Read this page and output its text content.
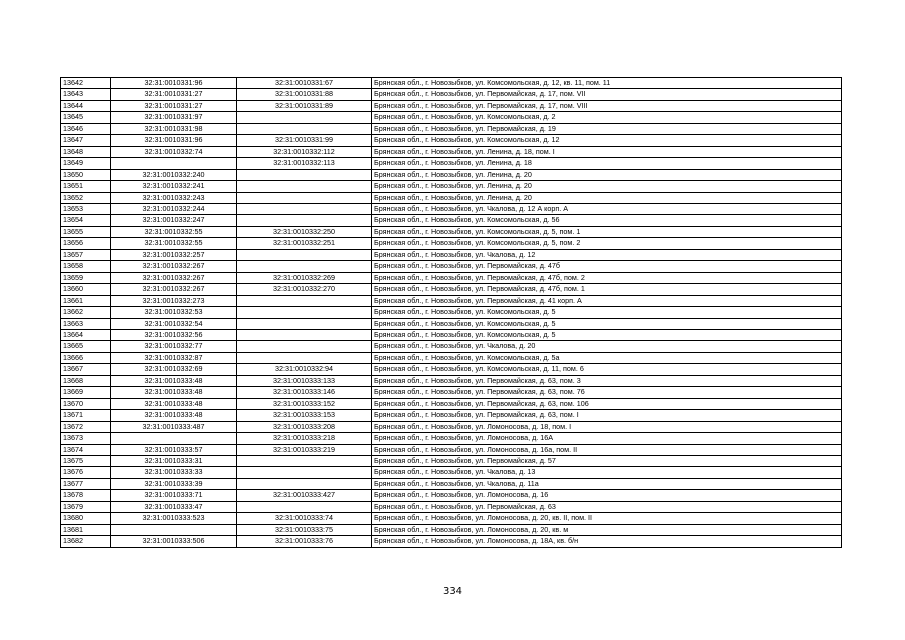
13642	32:31:0010331:96	32:31:0010331:67	Брянская обл., г. Новозыбков, ул. Комсомольская, д. 12, кв. 11, пом. 11
13643	32:31:0010331:27	32:31:0010331:88	Брянская обл., г. Новозыбков, ул. Первомайская, д. 17, пом. VII
13644	32:31:0010331:27	32:31:0010331:89	Брянская обл., г. Новозыбков, ул. Первомайская, д. 17, пом. VIII
13645	32:31:0010331:97		Брянская обл., г. Новозыбков, ул. Комсомольская, д. 2
13646	32:31:0010331:98		Брянская обл., г. Новозыбков, ул. Первомайская, д. 19
13647	32:31:0010331:96	32:31:0010331:99	Брянская обл., г. Новозыбков, ул. Комсомольская, д. 12
13648	32:31:0010332:74	32:31:0010332:112	Брянская обл., г. Новозыбков, ул. Ленина, д. 18, пом. I
13649		32:31:0010332:113	Брянская обл., г. Новозыбков, ул. Ленина, д. 18
13650	32:31:0010332:240		Брянская обл., г. Новозыбков, ул. Ленина, д. 20
13651	32:31:0010332:241		Брянская обл., г. Новозыбков, ул. Ленина, д. 20
13652	32:31:0010332:243		Брянская обл., г. Новозыбков, ул. Ленина, д. 20
13653	32:31:0010332:244		Брянская обл., г. Новозыбков, ул. Чкалова, д. 12 А корп. А
13654	32:31:0010332:247		Брянская обл., г. Новозыбков, ул. Комсомольская, д. 56
13655	32:31:0010332:55	32:31:0010332:250	Брянская обл., г. Новозыбков, ул. Комсомольская, д. 5, пом. 1
13656	32:31:0010332:55	32:31:0010332:251	Брянская обл., г. Новозыбков, ул. Комсомольская, д. 5, пом. 2
13657	32:31:0010332:257		Брянская обл., г. Новозыбков, ул. Чкалова, д. 12
13658	32:31:0010332:267		Брянская обл., г. Новозыбков, ул. Первомайская, д. 47б
13659	32:31:0010332:267	32:31:0010332:269	Брянская обл., г. Новозыбков, ул. Первомайская, д. 47б, пом. 2
13660	32:31:0010332:267	32:31:0010332:270	Брянская обл., г. Новозыбков, ул. Первомайская, д. 47б, пом. 1
13661	32:31:0010332:273		Брянская обл., г. Новозыбков, ул. Первомайская, д. 41 корп. А
13662	32:31:0010332:53		Брянская обл., г. Новозыбков, ул. Комсомольская, д. 5
13663	32:31:0010332:54		Брянская обл., г. Новозыбков, ул. Комсомольская, д. 5
13664	32:31:0010332:56		Брянская обл., г. Новозыбков, ул. Комсомольская, д. 5
13665	32:31:0010332:77		Брянская обл., г. Новозыбков, ул. Чкалова, д. 20
13666	32:31:0010332:87		Брянская обл., г. Новозыбков, ул. Комсомольская, д. 5а
13667	32:31:0010332:69	32:31:0010332:94	Брянская обл., г. Новозыбков, ул. Комсомольская, д. 11, пом. 6
13668	32:31:0010333:48	32:31:0010333:133	Брянская обл., г. Новозыбков, ул. Первомайская, д. 63, пом. 3
13669	32:31:0010333:48	32:31:0010333:146	Брянская обл., г. Новозыбков, ул. Первомайская, д. 63, пом. 76
13670	32:31:0010333:48	32:31:0010333:152	Брянская обл., г. Новозыбков, ул. Первомайская, д. 63, пом. 106
13671	32:31:0010333:48	32:31:0010333:153	Брянская обл., г. Новозыбков, ул. Первомайская, д. 63, пом. I
13672	32:31:0010333:487	32:31:0010333:208	Брянская обл., г. Новозыбков, ул. Ломоносова, д. 18, пом. I
13673		32:31:0010333:218	Брянская обл., г. Новозыбков, ул. Ломоносова, д. 16А
13674	32:31:0010333:57	32:31:0010333:219	Брянская обл., г. Новозыбков, ул. Ломоносова, д. 16а, пом. II
13675	32:31:0010333:31		Брянская обл., г. Новозыбков, ул. Первомайская, д. 57
13676	32:31:0010333:33		Брянская обл., г. Новозыбков, ул. Чкалова, д. 13
13677	32:31:0010333:39		Брянская обл., г. Новозыбков, ул. Чкалова, д. 11а
13678	32:31:0010333:71	32:31:0010333:427	Брянская обл., г. Новозыбков, ул. Ломоносова, д. 16
13679	32:31:0010333:47		Брянская обл., г. Новозыбков, ул. Первомайская, д. 63
13680	32:31:0010333:523	32:31:0010333:74	Брянская обл., г. Новозыбков, ул. Ломоносова, д. 20, кв. II, пом. II
13681		32:31:0010333:75	Брянская обл., г. Новозыбков, ул. Ломоносова, д. 20, кв. м
13682	32:31:0010333:506	32:31:0010333:76	Брянская обл., г. Новозыбков, ул. Ломоносова, д. 18А, кв. б/н
334
